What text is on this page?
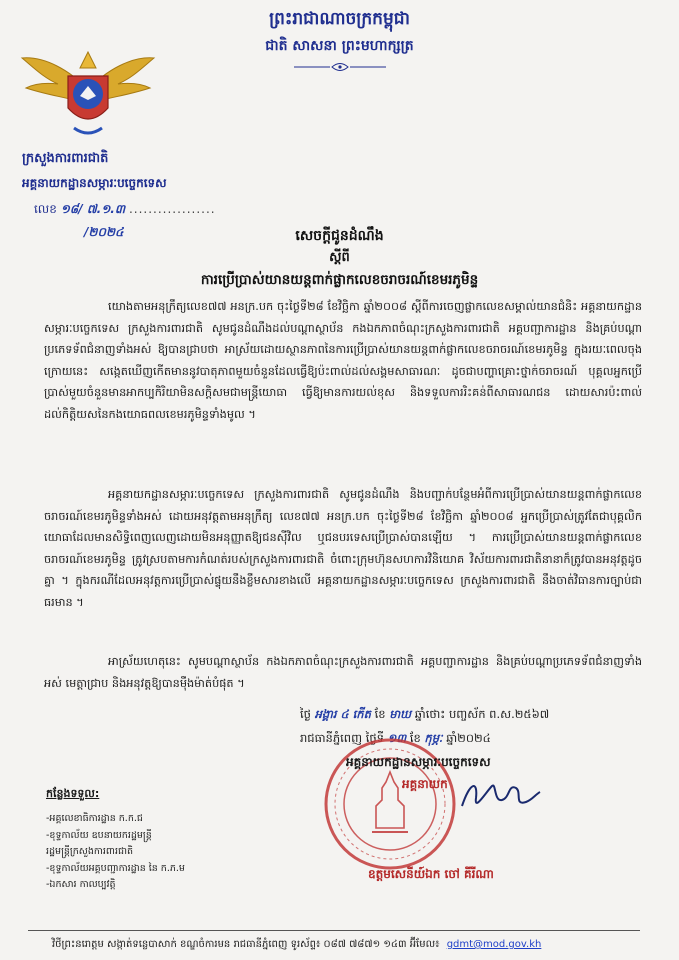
ព្រះរាជាណាចក្រកម្ពុជា
ជាតិ សាសនា ព្រះមហាក្សត្រ
ក្រសួងការពារជាតិ
អគ្គនាយកដ្ឋានសម្ភារៈបច្ចេកទេស
លេខ ១៨/ ៧.១.៣ ..................
/២០២៤	សេចក្តីជូនដំណឹង
ស្តីពី
ការប្រើប្រាស់យានយន្តពាក់ផ្លាកលេខចរាចរណ៍ខេមរភូមិន្ទ
យោងតាមអនុក្រឹត្យលេខ៧៧ អនក្រ.បក ចុះថ្ងៃទី២៨ ខែវិច្ឆិកា ឆ្នាំ២០០៨ ស្តីពីការចេញផ្លាកលេខសម្គាល់យានជំនិះ អគ្គនាយកដ្ឋានសម្ភារៈបច្ចេកទេស ក្រសួងការពារជាតិ សូមជូនដំណឹងដល់បណ្តាស្ថាប័ន កងឯកភាពចំណុះក្រសួងការពារជាតិ អគ្គបញ្ជាការដ្ឋាន និងគ្រប់បណ្តាប្រភេទទ័ពជំនាញទាំងអស់ ឱ្យបានជ្រាបថា អាស្រ័យដោយស្ថានភាពនៃការប្រើប្រាស់យានយន្តពាក់ផ្លាកលេខចរាចរណ៍ខេមរភូមិន្ទ ក្នុងរយៈពេលចុងក្រោយនេះ សង្កេតឃើញកើតមាននូវបាតុភាពមួយចំនួនដែលធ្វើឱ្យប៉ះពាល់ដល់សង្គមសាធារណៈ ដូចជាបញ្ហាគ្រោះថ្នាក់ចរាចរណ៍ បុគ្គលអ្នកប្រើប្រាស់មួយចំនួនមានអាកប្បកិរិយាមិនសក្តិសមជាមន្ត្រីយោធា ធ្វើឱ្យមានការយល់ខុស និងទទួលការរិះគន់ពីសាធារណជន ដោយសារប៉ះពាល់ដល់កិត្តិយសនៃកងយោធពលខេមរភូមិន្ទទាំងមូល ។
អគ្គនាយកដ្ឋានសម្ភារៈបច្ចេកទេស ក្រសួងការពារជាតិ សូមជូនដំណឹង និងបញ្ជាក់បន្ថែមអំពីការប្រើប្រាស់យានយន្តពាក់ផ្លាកលេខចរាចរណ៍ខេមរភូមិន្ទទាំងអស់ ដោយអនុវត្តតាមអនុក្រឹត្យ លេខ៧៧ អនក្រ.បក ចុះថ្ងៃទី២៨ ខែវិច្ឆិកា ឆ្នាំ២០០៨ អ្នកប្រើប្រាស់ត្រូវតែជាបុគ្គលិកយោធាដែលមានសិទ្ធិពេញលេញដោយមិនអនុញ្ញាតឱ្យជនស៊ីវិល ឬជនបរទេសប្រើប្រាស់បានឡើយ ។ ការប្រើប្រាស់យានយន្តពាក់ផ្លាកលេខចរាចរណ៍ខេមរភូមិន្ទ ត្រូវស្របតាមការកំណត់របស់ក្រសួងការពារជាតិ ចំពោះក្រុមហ៊ុនសហការវិនិយោគ វិស័យការពារជាតិនានាក៏ត្រូវបានអនុវត្តដូចគ្នា ។ ក្នុងករណីដែលអនុវត្តការប្រើប្រាស់ផ្ទុយនឹងខ្លឹមសារខាងលើ អគ្គនាយកដ្ឋានសម្ភារៈបច្ចេកទេស ក្រសួងការពារជាតិ នឹងចាត់វិធានការច្បាប់ជាធរមាន ។
អាស្រ័យហេតុនេះ សូមបណ្តាស្ថាប័ន កងឯកភាពចំណុះក្រសួងការពារជាតិ អគ្គបញ្ជាការដ្ឋាន និងគ្រប់បណ្តាប្រភេទទ័ពជំនាញទាំងអស់ មេត្តាជ្រាប និងអនុវត្តឱ្យបានម៉ឺងម៉ាត់បំផុត ។
ថ្ងៃ អង្គារ ៤ កើត ខែ មាឃ ឆ្នាំថោះ បញ្ចស័ក ព.ស.២៥៦៧
រាជធានីភ្នំពេញ ថ្ងៃទី ១៣ ខែ កុម្ភៈ ឆ្នាំ២០២៤
អគ្គនាយកដ្ឋានសម្ភារៈបច្ចេកទេស
អគ្គនាយក
ឧត្តមសេនីយ៍ឯក ចៅ គីរីណា
កន្លែងទទួល:
-អគ្គលេខាធិការដ្ឋាន ក.ក.ជ
-ខុទ្ទកាល័យ ឧបនាយករដ្ឋមន្ត្រី
រដ្ឋមន្ត្រីក្រសួងការពារជាតិ
-ខុទ្ទកាល័យអគ្គបញ្ជាការដ្ឋាន នៃ ក.ភ.ម
-ឯកសារ កាលប្បវត្តិ
វិថីព្រះនរោត្តម សង្កាត់ទន្លេបាសាក់ ខណ្ឌចំការមន រាជធានីភ្នំពេញ ទូរស័ព្ទ៖ ០៨៧ ៧៨៧១ ១៤៣ អ៊ីមែល៖ gdmt@mod.gov.kh
